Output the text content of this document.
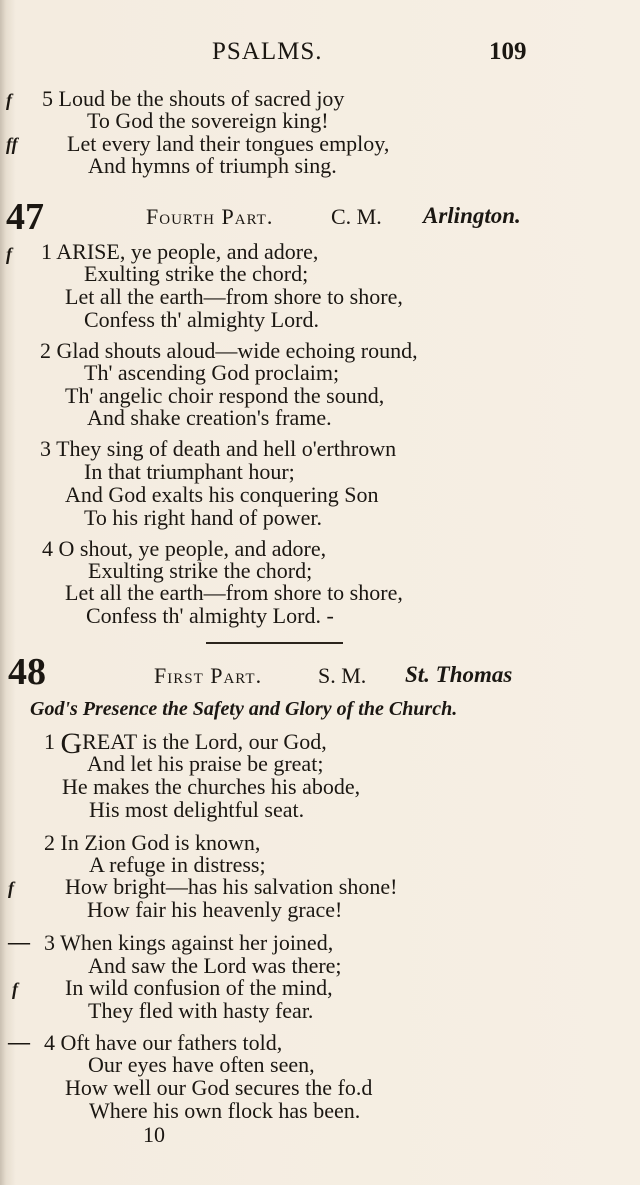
PSALMS.	109
f 5 Loud be the shouts of sacred joy
To God the sovereign king!
ff Let every land their tongues employ,
And hymns of triumph sing.
47	Fourth Part.	C. M. Arlington.
f 1 ARISE, ye people, and adore,
Exulting strike the chord;
Let all the earth—from shore to shore,
Confess th' almighty Lord.
2 Glad shouts aloud—wide echoing round,
Th' ascending God proclaim;
Th' angelic choir respond the sound,
And shake creation's frame.
3 They sing of death and hell o'erthrown
In that triumphant hour;
And God exalts his conquering Son
To his right hand of power.
4 O shout, ye people, and adore,
Exulting strike the chord;
Let all the earth—from shore to shore,
Confess th' almighty Lord. -
48	First Part.	S. M. St. Thomas
God's Presence the Safety and Glory of the Church.
1 GREAT is the Lord, our God,
And let his praise be great;
He makes the churches his abode,
His most delightful seat.
2 In Zion God is known,
A refuge in distress;
f How bright—has his salvation shone!
How fair his heavenly grace!
— 3 When kings against her joined,
And saw the Lord was there;
f In wild confusion of the mind,
They fled with hasty fear.
— 4 Oft have our fathers told,
Our eyes have often seen,
How well our God secures the fo.d
Where his own flock has been.
10
